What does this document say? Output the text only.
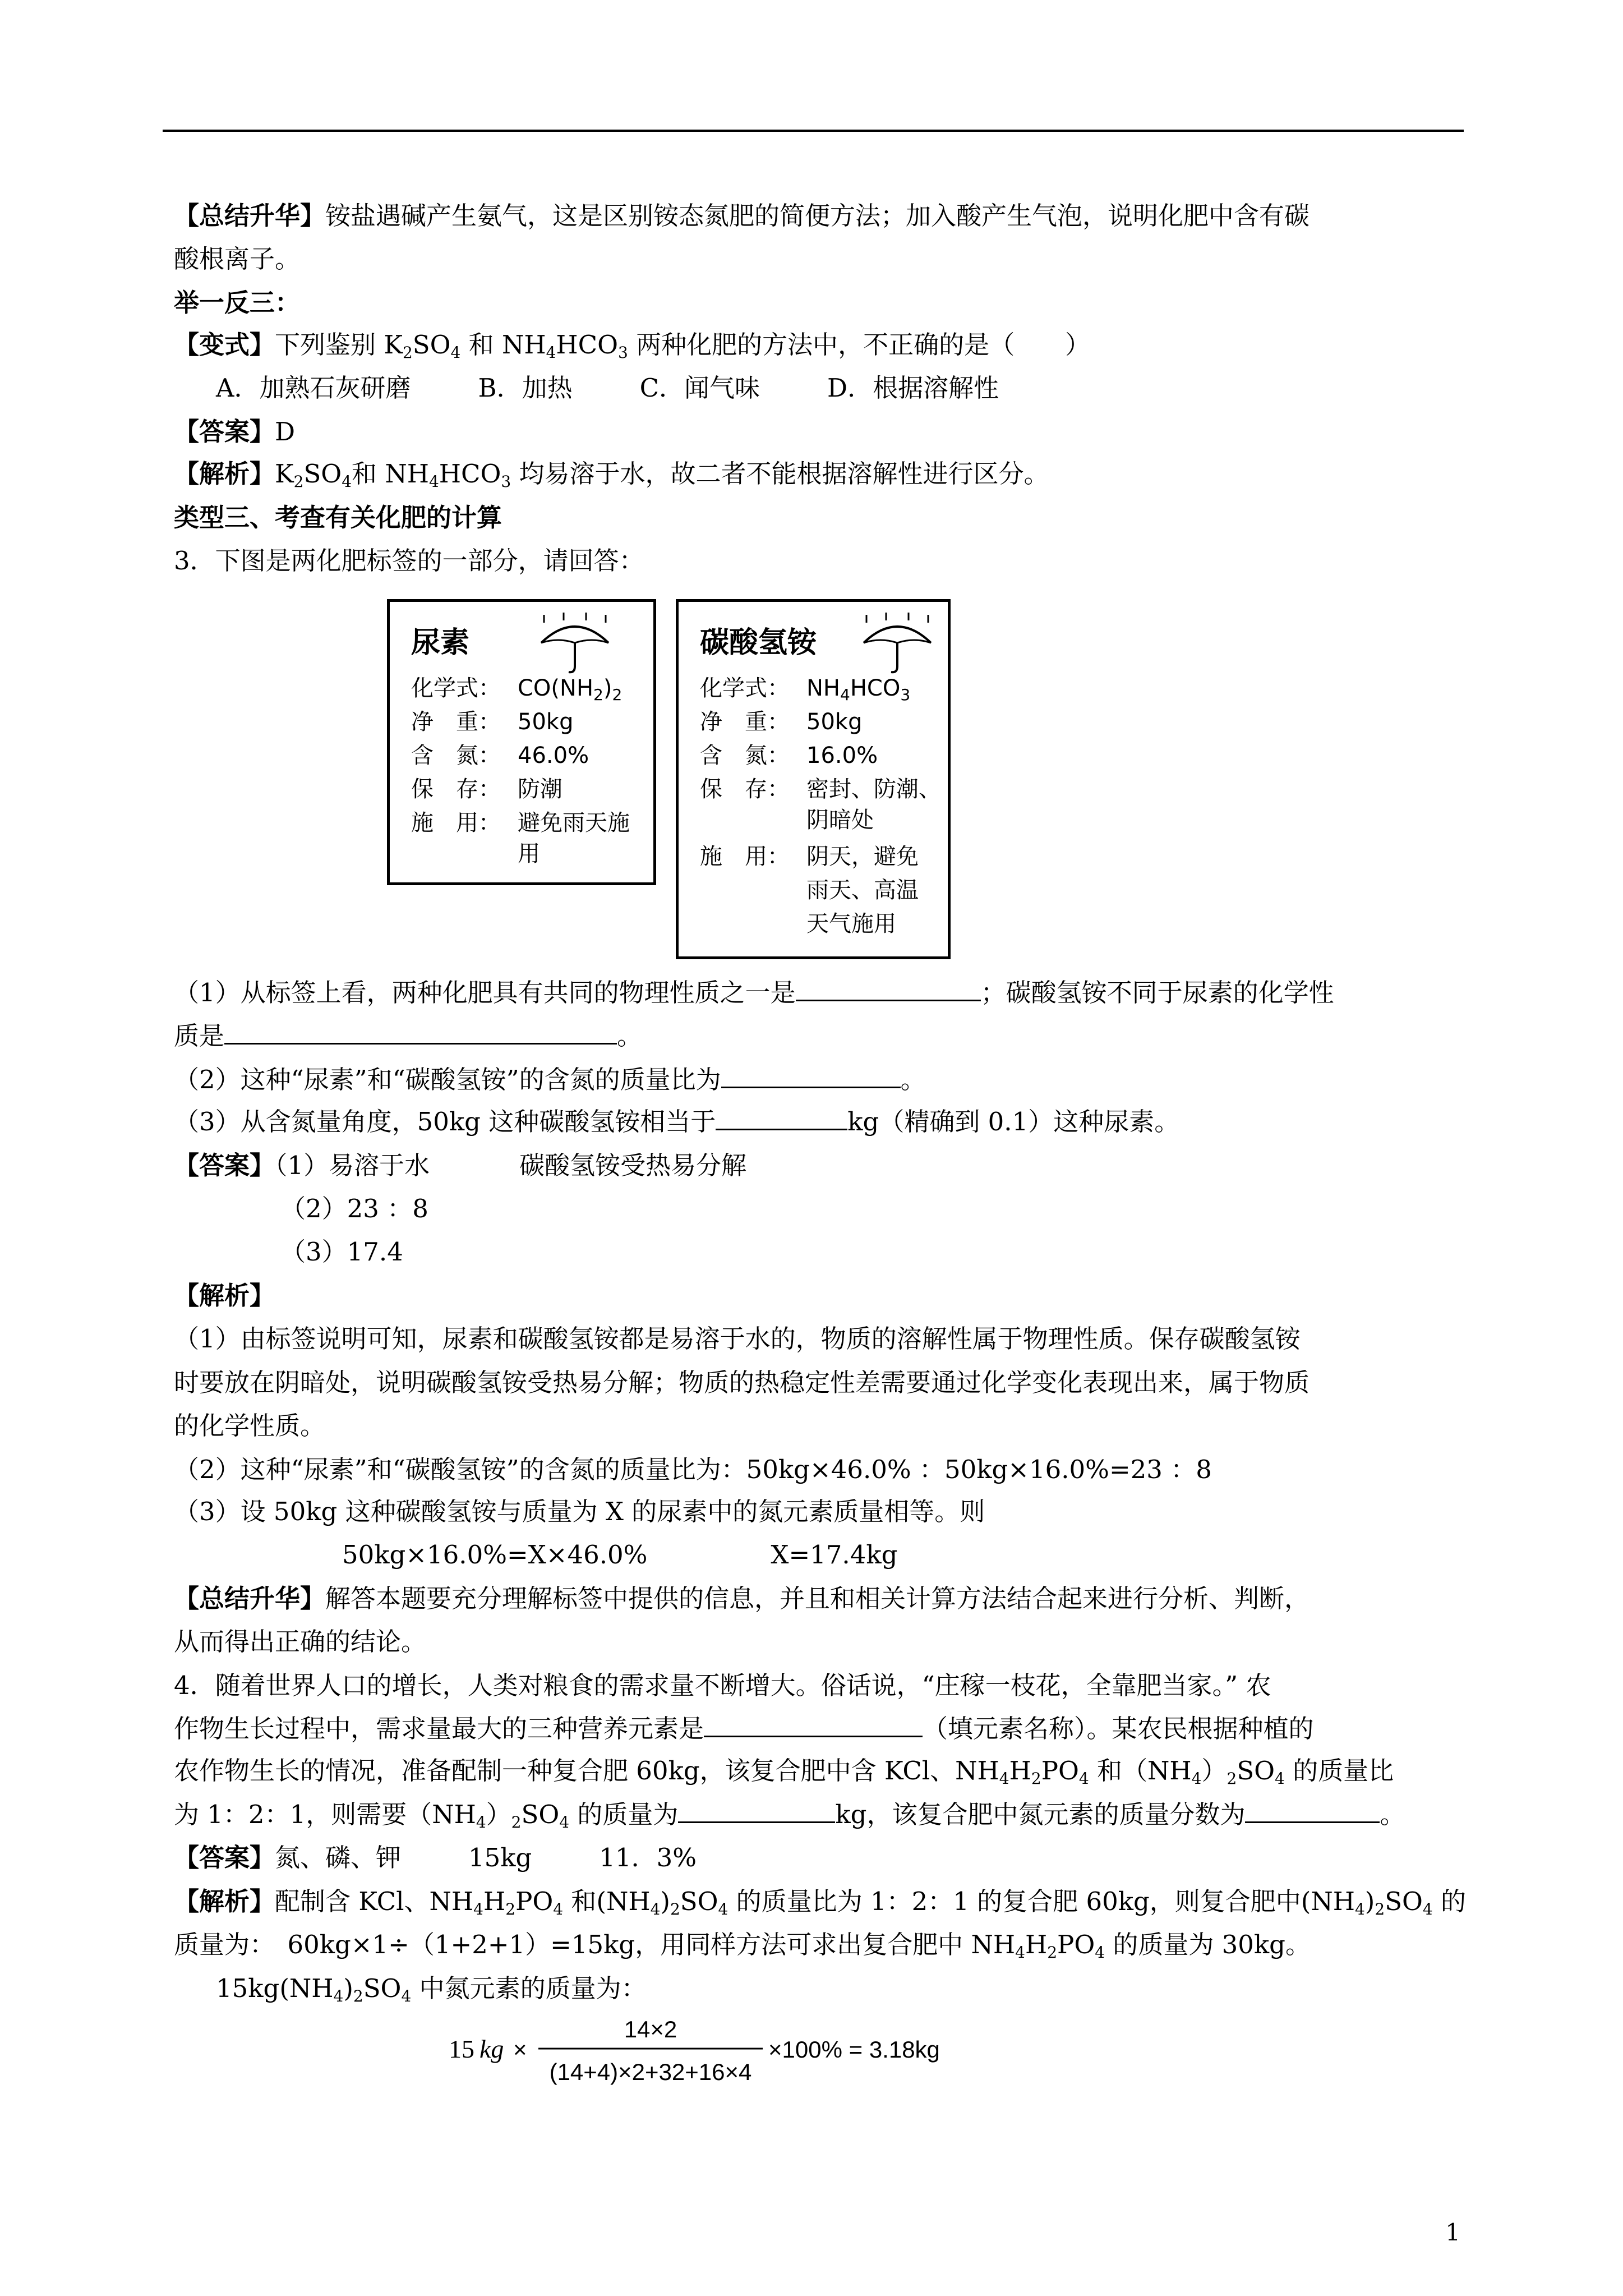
【总结升华】铵盐遇碱产生氨气，这是区别铵态氮肥的简便方法；加入酸产生气泡，说明化肥中含有碳
酸根离子。
举一反三：
【变式】下列鉴别 $K_2SO_4$ 和 $NH_4HCO_3$ 两种化肥的方法中，不正确的是（　　）
A．加熟石灰研磨	B．加热	C．闻气味	D．根据溶解性
【答案】D
【解析】$K_2SO_4$和 $NH_4HCO_3$ 均易溶于水，故二者不能根据溶解性进行区分。
类型三、考查有关化肥的计算
3．下图是两化肥标签的一部分，请回答：
尿素
化学式： $CO(NH_2)_2$
净　重： 50kg
含　氮： 46.0%
保　存： 防潮
施　用： 避免雨天施
用
碳酸氢铵
化学式： $NH_4HCO_3$
净　重： 50kg
含　氮： 16.0%
保　存： 密封、防潮、
阴暗处
施　用： 阴天，避免
雨天、高温
天气施用
（1）从标签上看，两种化肥具有共同的物理性质之一是	；碳酸氢铵不同于尿素的化学性
质是	。
（2）这种“尿素”和“碳酸氢铵”的含氮的质量比为	。
（3）从含氮量角度，50kg 这种碳酸氢铵相当于	kg（精确到 0.1）这种尿素。
【答案】（1）易溶于水	碳酸氢铵受热易分解
（2）23 ：8
（3）17.4
【解析】
（1）由标签说明可知，尿素和碳酸氢铵都是易溶于水的，物质的溶解性属于物理性质。保存碳酸氢铵
时要放在阴暗处，说明碳酸氢铵受热易分解；物质的热稳定性差需要通过化学变化表现出来，属于物质
的化学性质。
（2）这种“尿素”和“碳酸氢铵”的含氮的质量比为：50kg×46.0% ：50kg×16.0%=23 ：8
（3）设 50kg 这种碳酸氢铵与质量为 X 的尿素中的氮元素质量相等。则
50kg×16.0%=X×46.0%	X=17.4kg
【总结升华】解答本题要充分理解标签中提供的信息，并且和相关计算方法结合起来进行分析、判断，
从而得出正确的结论。
4．随着世界人口的增长，人类对粮食的需求量不断增大。俗话说，“庄稼一枝花，全靠肥当家。” 农
作物生长过程中，需求量最大的三种营养元素是	（填元素名称）。某农民根据种植的
农作物生长的情况，准备配制一种复合肥 60kg，该复合肥中含 KCl、$NH_4H_2PO_4$ 和$(NH_4)_2SO_4$ 的质量比
为 1：2：1，则需要$(NH_4)_2SO_4$ 的质量为	kg，该复合肥中氮元素的质量分数为	。
【答案】氮、磷、钾	15kg	11．3%
【解析】配制含 KCl、$NH_4H_2PO_4$ 和$(NH_4)_2SO_4$ 的质量比为 1：2：1 的复合肥 60kg，则复合肥中$(NH_4)_2SO_4$ 的
质量为：　60kg×1÷（1+2+1）=15kg，用同样方法可求出复合肥中 $NH_4H_2PO_4$ 的质量为 30kg。
$15kg(NH_4)_2SO_4$ 中氮元素的质量为：
15 kg ×
14×2
(14+4)×2+32+16×4
×100% = 3.18kg
1
